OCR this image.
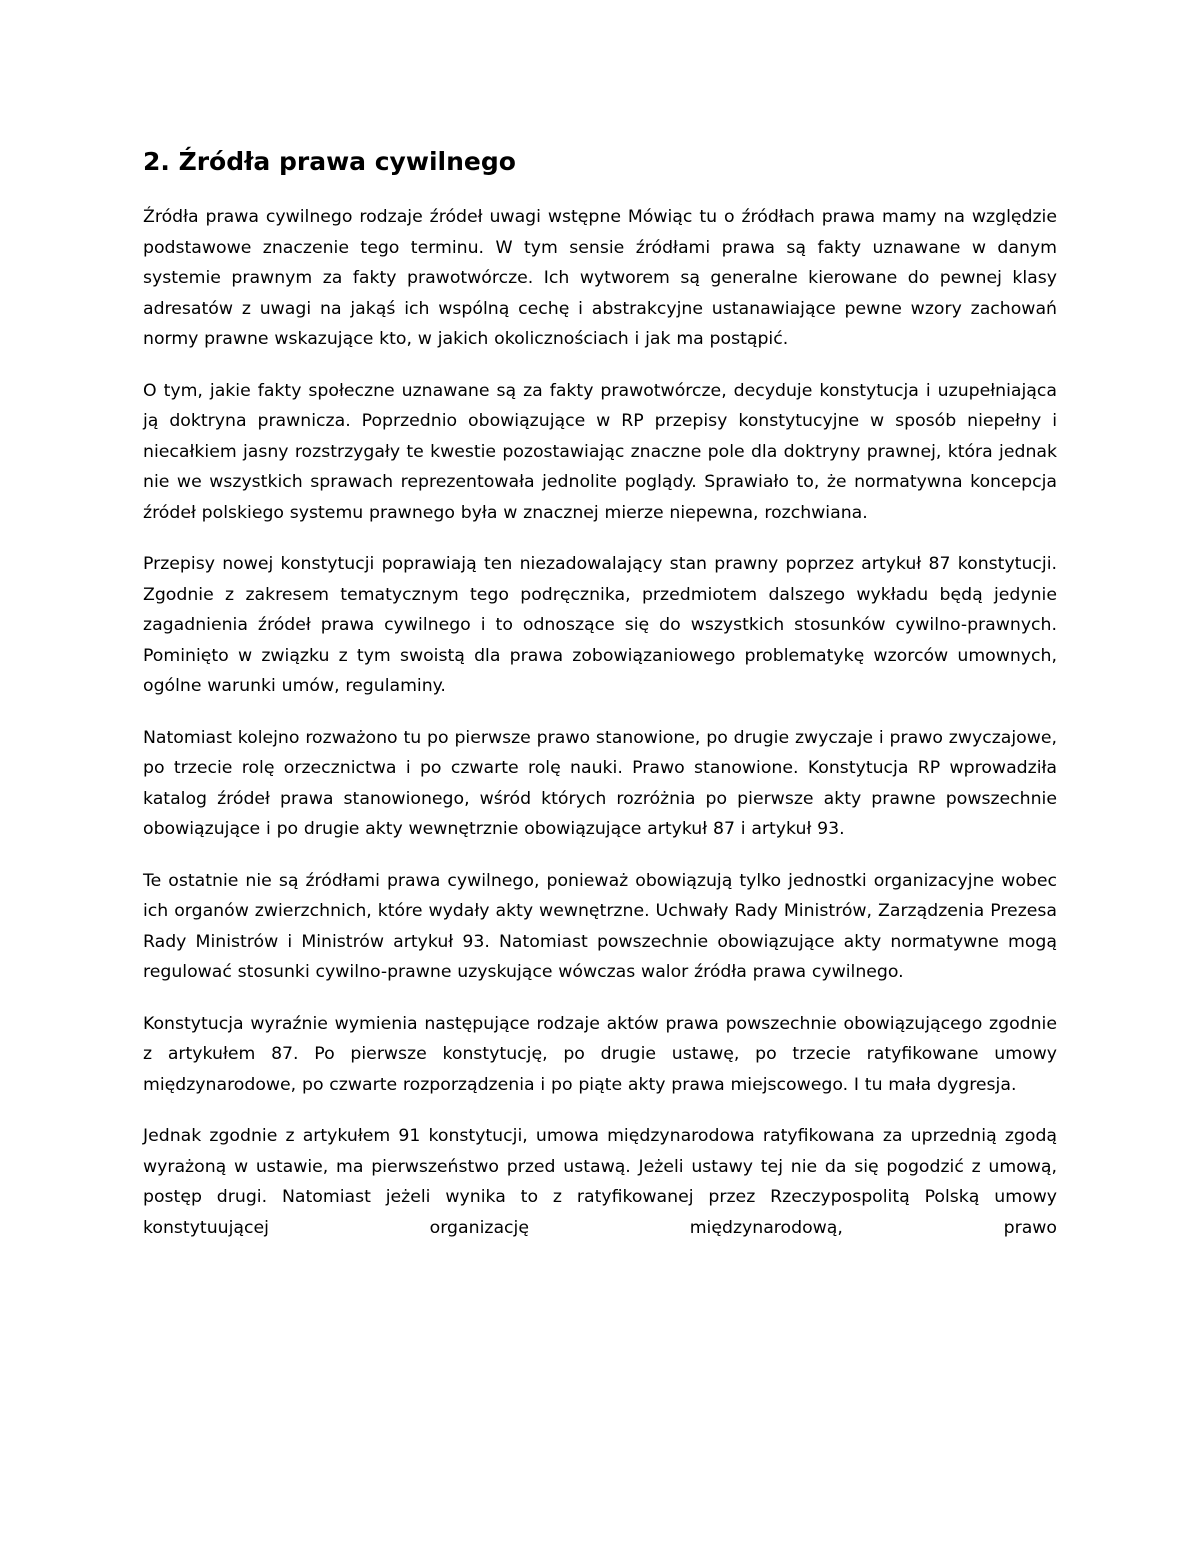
2. Źródła prawa cywilnego

Źródła prawa cywilnego rodzaje źródeł uwagi wstępne Mówiąc tu o źródłach prawa mamy na względzie podstawowe znaczenie tego terminu. W tym sensie źródłami prawa są fakty uznawane w danym systemie prawnym za fakty prawotwórcze. Ich wytworem są generalne kierowane do pewnej klasy adresatów z uwagi na jakąś ich wspólną cechę i abstrakcyjne ustanawiające pewne wzory zachowań normy prawne wskazujące kto, w jakich okolicznościach i jak ma postąpić.

O tym, jakie fakty społeczne uznawane są za fakty prawotwórcze, decyduje konstytucja i uzupełniająca ją doktryna prawnicza. Poprzednio obowiązujące w RP przepisy konstytucyjne w sposób niepełny i niecałkiem jasny rozstrzygały te kwestie pozostawiając znaczne pole dla doktryny prawnej, która jednak nie we wszystkich sprawach reprezentowała jednolite poglądy. Sprawiało to, że normatywna koncepcja źródeł polskiego systemu prawnego była w znacznej mierze niepewna, rozchwiana.

Przepisy nowej konstytucji poprawiają ten niezadowalający stan prawny poprzez artykuł 87 konstytucji. Zgodnie z zakresem tematycznym tego podręcznika, przedmiotem dalszego wykładu będą jedynie zagadnienia źródeł prawa cywilnego i to odnoszące się do wszystkich stosunków cywilno-prawnych. Pominięto w związku z tym swoistą dla prawa zobowiązaniowego problematykę wzorców umownych, ogólne warunki umów, regulaminy.

Natomiast kolejno rozważono tu po pierwsze prawo stanowione, po drugie zwyczaje i prawo zwyczajowe, po trzecie rolę orzecznictwa i po czwarte rolę nauki. Prawo stanowione. Konstytucja RP wprowadziła katalog źródeł prawa stanowionego, wśród których rozróżnia po pierwsze akty prawne powszechnie obowiązujące i po drugie akty wewnętrznie obowiązujące artykuł 87 i artykuł 93.

Te ostatnie nie są źródłami prawa cywilnego, ponieważ obowiązują tylko jednostki organizacyjne wobec ich organów zwierzchnich, które wydały akty wewnętrzne. Uchwały Rady Ministrów, Zarządzenia Prezesa Rady Ministrów i Ministrów artykuł 93. Natomiast powszechnie obowiązujące akty normatywne mogą regulować stosunki cywilno-prawne uzyskujące wówczas walor źródła prawa cywilnego.

Konstytucja wyraźnie wymienia następujące rodzaje aktów prawa powszechnie obowiązującego zgodnie z artykułem 87. Po pierwsze konstytucję, po drugie ustawę, po trzecie ratyfikowane umowy międzynarodowe, po czwarte rozporządzenia i po piąte akty prawa miejscowego. I tu mała dygresja.

Jednak zgodnie z artykułem 91 konstytucji, umowa międzynarodowa ratyfikowana za uprzednią zgodą wyrażoną w ustawie, ma pierwszeństwo przed ustawą. Jeżeli ustawy tej nie da się pogodzić z umową, postęp drugi. Natomiast jeżeli wynika to z ratyfikowanej przez Rzeczypospolitą Polską umowy konstytuującej organizację międzynarodową, prawo
